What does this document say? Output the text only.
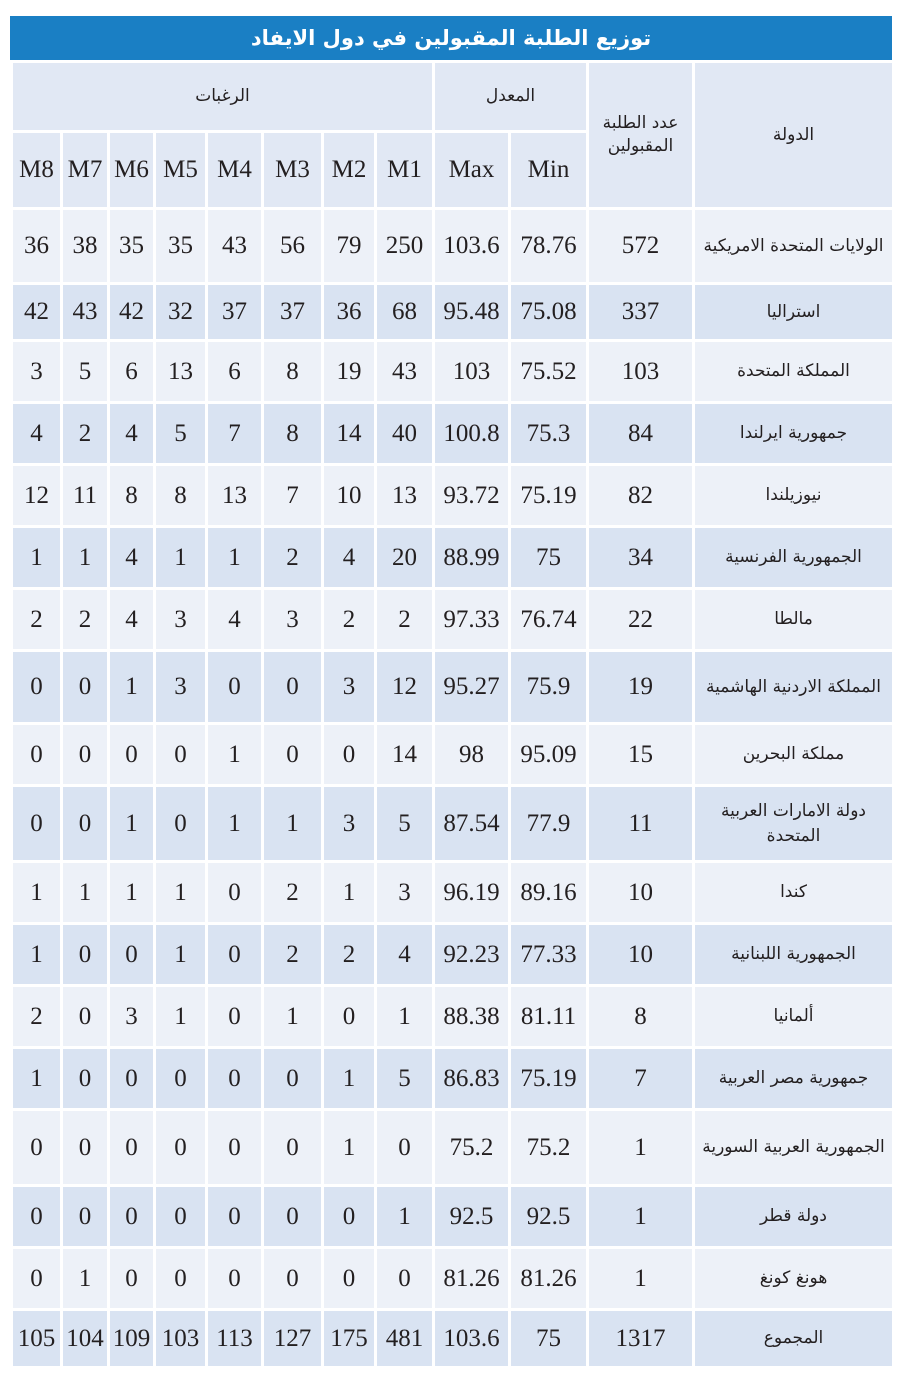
توزيع الطلبة المقبولين في دول الايفاد
الرغبات								المعدل		عدد الطلبة المقبولين	الدولة
M8	M7	M6	M5	M4	M3	M2	M1	Max	Min		
36	38	35	35	43	56	79	250	103.6	78.76	572	الولايات المتحدة الامريكية
42	43	42	32	37	37	36	68	95.48	75.08	337	استراليا
3	5	6	13	6	8	19	43	103	75.52	103	المملكة المتحدة
4	2	4	5	7	8	14	40	100.8	75.3	84	جمهورية ايرلندا
12	11	8	8	13	7	10	13	93.72	75.19	82	نيوزيلندا
1	1	4	1	1	2	4	20	88.99	75	34	الجمهورية الفرنسية
2	2	4	3	4	3	2	2	97.33	76.74	22	مالطا
0	0	1	3	0	0	3	12	95.27	75.9	19	المملكة الاردنية الهاشمية
0	0	0	0	1	0	0	14	98	95.09	15	مملكة البحرين
0	0	1	0	1	1	3	5	87.54	77.9	11	دولة الامارات العربية المتحدة
1	1	1	1	0	2	1	3	96.19	89.16	10	كندا
1	0	0	1	0	2	2	4	92.23	77.33	10	الجمهورية اللبنانية
2	0	3	1	0	1	0	1	88.38	81.11	8	ألمانيا
1	0	0	0	0	0	1	5	86.83	75.19	7	جمهورية مصر العربية
0	0	0	0	0	0	1	0	75.2	75.2	1	الجمهورية العربية السورية
0	0	0	0	0	0	0	1	92.5	92.5	1	دولة قطر
0	1	0	0	0	0	0	0	81.26	81.26	1	هونغ كونغ
105	104	109	103	113	127	175	481	103.6	75	1317	المجموع
